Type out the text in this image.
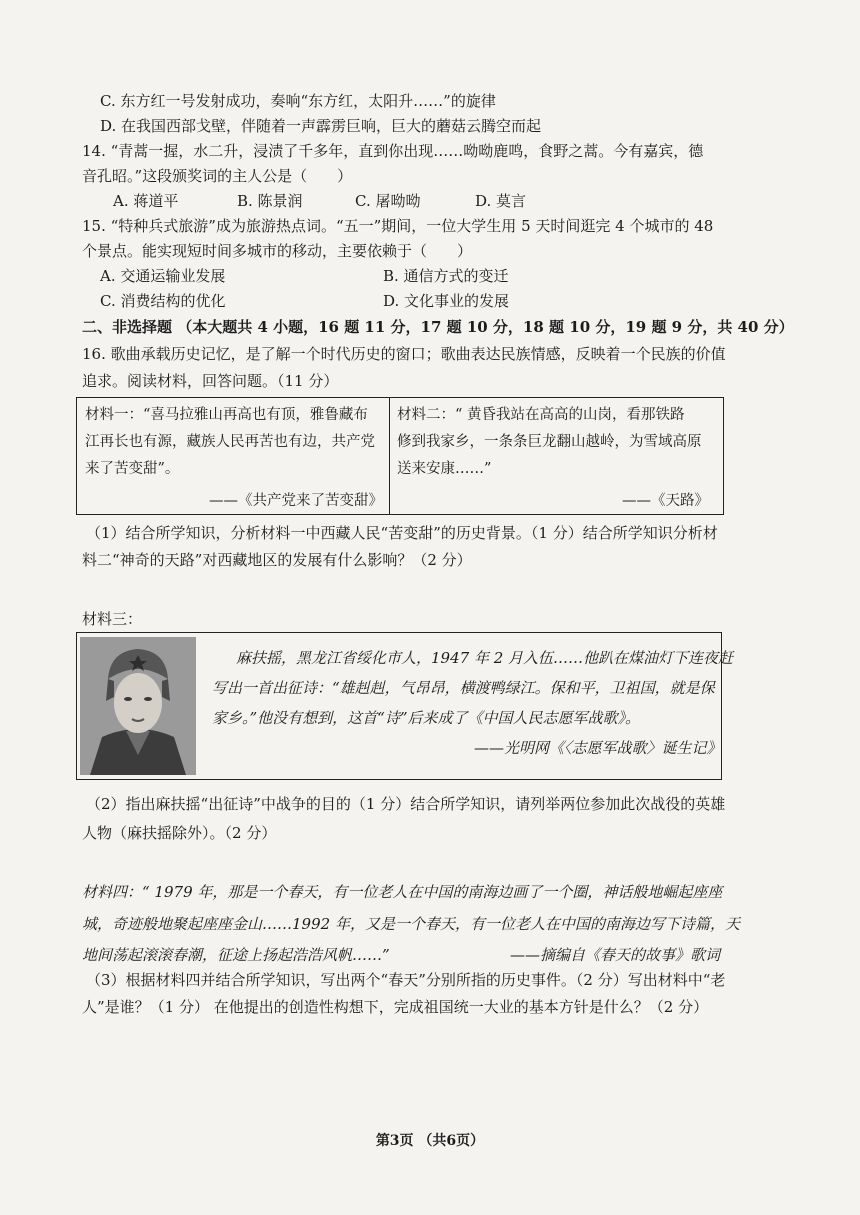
C. 东方红一号发射成功，奏响“东方红，太阳升……”的旋律
D. 在我国西部戈壁，伴随着一声霹雳巨响，巨大的蘑菇云腾空而起
14. “青蒿一握，水二升，浸渍了千多年，直到你出现……呦呦鹿鸣，食野之蒿。今有嘉宾，德
音孔昭。”这段颁奖词的主人公是（　　）
A. 蒋道平	B. 陈景润	C. 屠呦呦	D. 莫言
15. “特种兵式旅游”成为旅游热点词。“五一”期间，一位大学生用 5 天时间逛完 4 个城市的 48
个景点。能实现短时间多城市的移动，主要依赖于（　　）
A. 交通运输业发展	B. 通信方式的变迁
C. 消费结构的优化	D. 文化事业的发展
二、非选择题 （本大题共 4 小题，16 题 11 分，17 题 10 分，18 题 10 分，19 题 9 分，共 40 分）
16. 歌曲承载历史记忆，是了解一个时代历史的窗口；歌曲表达民族情感，反映着一个民族的价值
追求。阅读材料，回答问题。（11 分）
材料一：“喜马拉雅山再高也有顶，雅鲁藏布
江再长也有源，藏族人民再苦也有边，共产党
来了苦变甜”。
——《共产党来了苦变甜》
材料二：“ 黄昏我站在高高的山岗，看那铁路
修到我家乡，一条条巨龙翻山越岭，为雪域高原
送来安康……”
——《天路》
（1）结合所学知识，分析材料一中西藏人民“苦变甜”的历史背景。（1 分）结合所学知识分析材
料二“神奇的天路”对西藏地区的发展有什么影响？（2 分）
材料三：
麻扶摇，黑龙江省绥化市人，1947 年 2 月入伍……他趴在煤油灯下连夜赶
写出一首出征诗：“雄赳赳，气昂昂，横渡鸭绿江。保和平，卫祖国，就是保
家乡。”他没有想到，这首“诗”后来成了《中国人民志愿军战歌》。
——光明网《〈志愿军战歌〉诞生记》
（2）指出麻扶摇“出征诗”中战争的目的（1 分）结合所学知识，请列举两位参加此次战役的英雄
人物（麻扶摇除外）。（2 分）
材料四：“ 1979 年，那是一个春天，有一位老人在中国的南海边画了一个圈，神话般地崛起座座
城，奇迹般地聚起座座金山……1992 年，又是一个春天，有一位老人在中国的南海边写下诗篇，天
地间荡起滚滚春潮，征途上扬起浩浩风帆……”	——摘编自《春天的故事》歌词
（3）根据材料四并结合所学知识，写出两个“春天”分别所指的历史事件。（2 分）写出材料中“老
人”是谁？（1 分） 在他提出的创造性构想下，完成祖国统一大业的基本方针是什么？（2 分）
第3页 （共6页）
